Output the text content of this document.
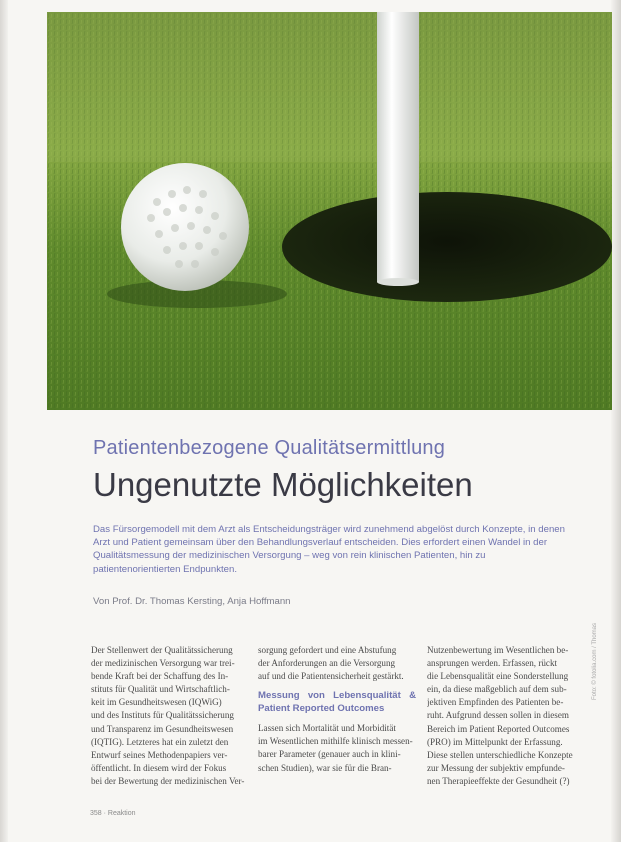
Patientenbezogene Qualitätsermittlung
Ungenutzte Möglichkeiten
Das Fürsorgemodell mit dem Arzt als Entscheidungsträger wird zunehmend abgelöst durch Konzepte, in denen Arzt und Patient gemeinsam über den Behandlungsverlauf entscheiden. Dies erfordert einen Wandel in der Qualitätsmessung der medizinischen Versorgung – weg von rein klinischen Patienten, hin zu patientenorientierten Endpunkten.
Von Prof. Dr. Thomas Kersting, Anja Hoffmann
Der Stellenwert der Qualitätssicherung
der medizinischen Versorgung war trei-
bende Kraft bei der Schaffung des In-
stituts für Qualität und Wirtschaftlich-
keit im Gesundheitswesen (IQWiG)
und des Instituts für Qualitätssicherung
und Transparenz im Gesundheitswesen
(IQTIG). Letzteres hat ein zuletzt den
Entwurf seines Methodenpapiers ver-
öffentlicht. In diesem wird der Fokus
bei der Bewertung der medizinischen Ver-
sorgung gefordert und eine Abstufung
der Anforderungen an die Versorgung
auf und die Patientensicherheit gestärkt.
Messung von Lebensqualität & Patient Reported Outcomes
Lassen sich Mortalität und Morbidität
im Wesentlichen mithilfe klinisch messen-
barer Parameter (genauer auch in klini-
schen Studien), war sie für die Bran-
Nutzenbewertung im Wesentlichen be-
ansprungen werden. Erfassen, rückt
die Lebensqualität eine Sonderstellung
ein, da diese maßgeblich auf dem sub-
jektiven Empfinden des Patienten be-
ruht. Aufgrund dessen sollen in diesem
Bereich im Patient Reported Outcomes
(PRO) im Mittelpunkt der Erfassung.
Diese stellen unterschiedliche Konzepte
zur Messung der subjektiv empfunde-
nen Therapieeffekte der Gesundheit (?)
358 · Reaktion
Foto: © fotolia.com / Thomas
